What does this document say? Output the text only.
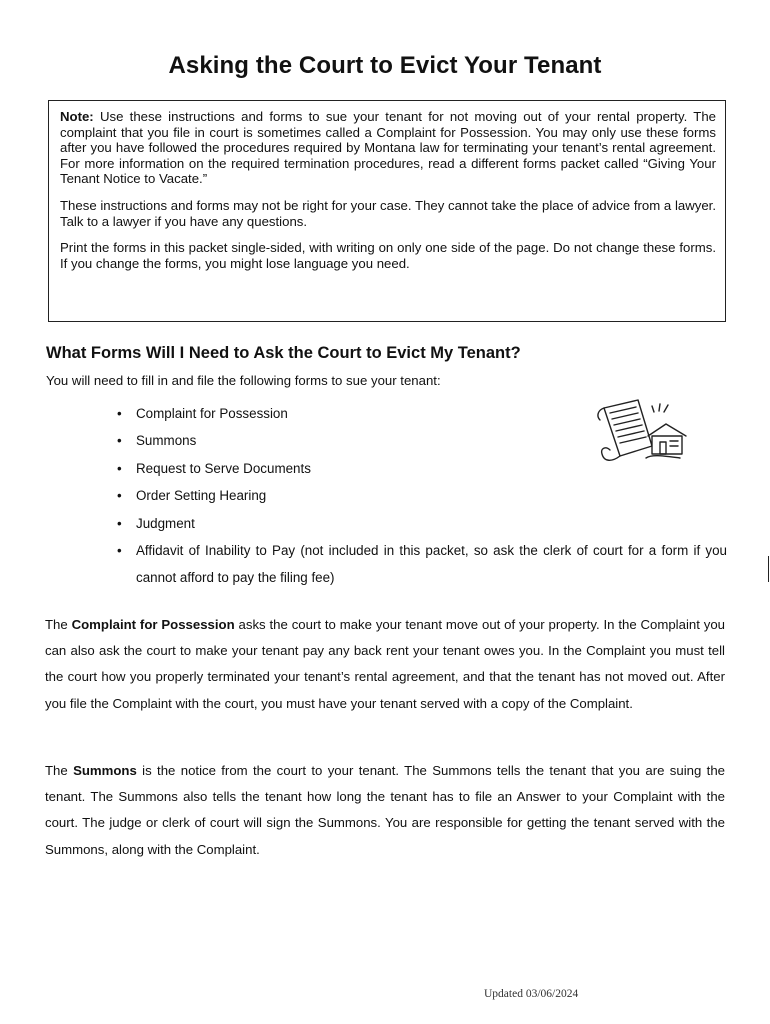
Asking the Court to Evict Your Tenant

Note: Use these instructions and forms to sue your tenant for not moving out of your rental property. The complaint that you file in court is sometimes called a Complaint for Possession. You may only use these forms after you have followed the procedures required by Montana law for terminating your tenant’s rental agreement. For more information on the required termination procedures, read a different forms packet called “Giving Your Tenant Notice to Vacate.”

These instructions and forms may not be right for your case. They cannot take the place of advice from a lawyer. Talk to a lawyer if you have any questions.

Print the forms in this packet single-sided, with writing on only one side of the page. Do not change these forms. If you change the forms, you might lose language you need.

What Forms Will I Need to Ask the Court to Evict My Tenant?
You will need to fill in and file the following forms to sue your tenant:
• Complaint for Possession
• Summons
• Request to Serve Documents
• Order Setting Hearing
• Judgment
• Affidavit of Inability to Pay (not included in this packet, so ask the clerk of court for a form if you cannot afford to pay the filing fee)

The Complaint for Possession asks the court to make your tenant move out of your property. In the Complaint you can also ask the court to make your tenant pay any back rent your tenant owes you. In the Complaint you must tell the court how you properly terminated your tenant’s rental agreement, and that the tenant has not moved out. After you file the Complaint with the court, you must have your tenant served with a copy of the Complaint.

The Summons is the notice from the court to your tenant. The Summons tells the tenant that you are suing the tenant. The Summons also tells the tenant how long the tenant has to file an Answer to your Complaint with the court. The judge or clerk of court will sign the Summons. You are responsible for getting the tenant served with the Summons, along with the Complaint.

Updated 03/06/2024
